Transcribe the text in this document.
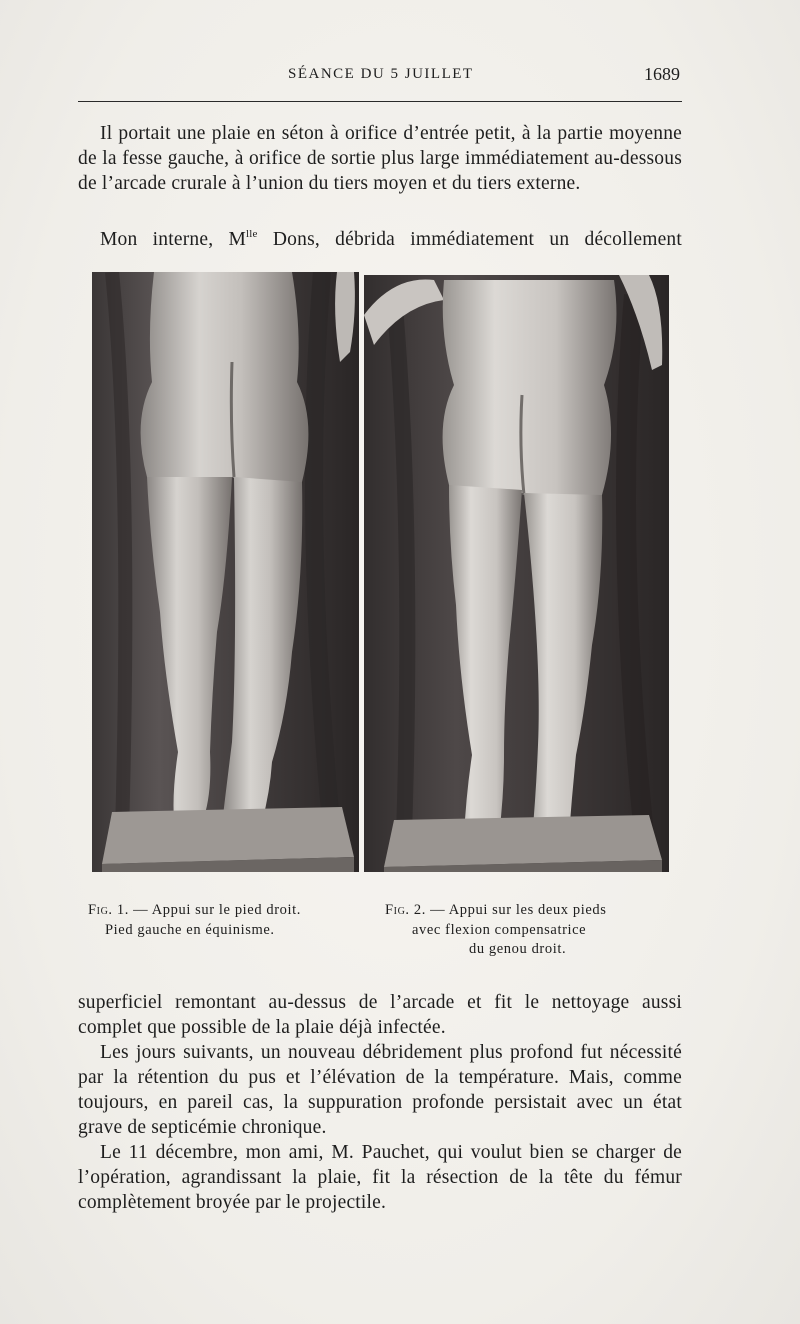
SÉANCE DU 5 JUILLET	1689

Il portait une plaie en séton à orifice d’entrée petit, à la partie moyenne de la fesse gauche, à orifice de sortie plus large immédiatement au-dessous de l’arcade crurale à l’union du tiers moyen et du tiers externe.

Mon interne, $M^{lle}$ Dons, débrida immédiatement un décollement

Fig. 1. — Appui sur le pied droit.
Pied gauche en équinisme.
Fig. 2. — Appui sur les deux pieds
avec flexion compensatrice
du genou droit.
superficiel remontant au-dessus de l’arcade et fit le nettoyage aussi complet que possible de la plaie déjà infectée.
Les jours suivants, un nouveau débridement plus profond fut nécessité par la rétention du pus et l’élévation de la température. Mais, comme toujours, en pareil cas, la suppuration profonde persistait avec un état grave de septicémie chronique.
Le 11 décembre, mon ami, M. Pauchet, qui voulut bien se charger de l’opération, agrandissant la plaie, fit la résection de la tête du fémur complètement broyée par le projectile.
